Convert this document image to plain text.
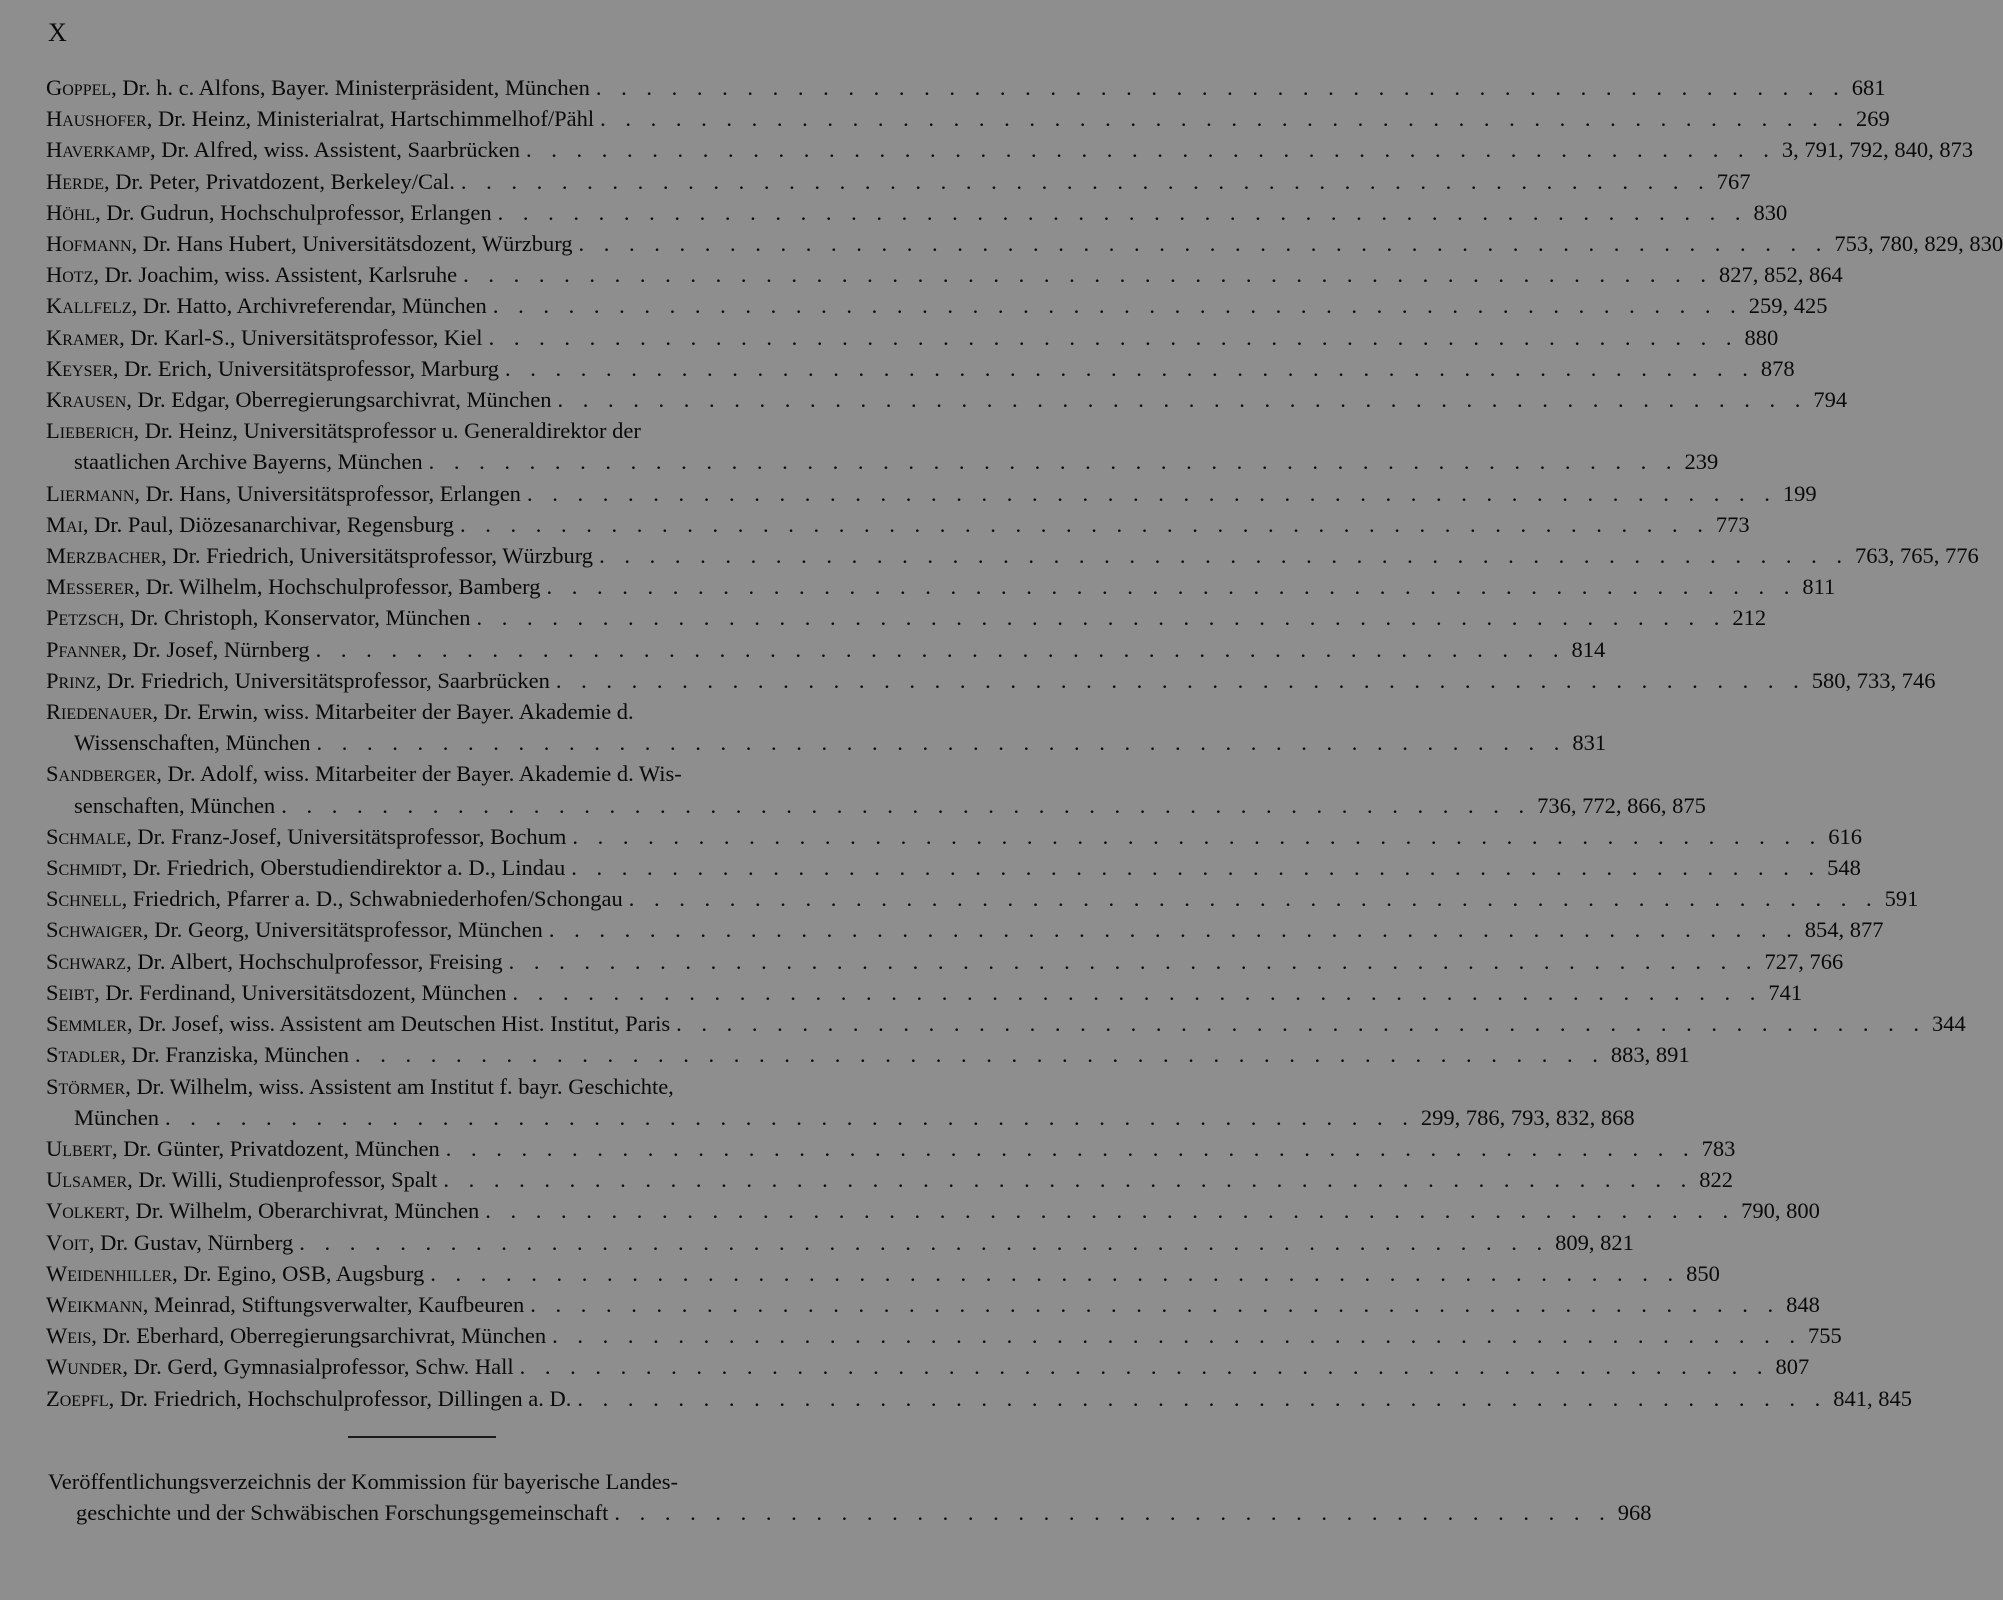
X
Goppel, Dr. h. c. Alfons, Bayer. Ministerpräsident, München . . . . . . . . . . . . . . . . . . . . . . . . . . . . . . . . . . . . . . . . . . . . . . . . . . 681
Haushofer, Dr. Heinz, Ministerialrat, Hartschimmelhof/Pähl . . . . . . . . . . . . . . . . . . . . . . . . . . . . . . . . . . . . . . . . . . . . . . . . . . 269
Haverkamp, Dr. Alfred, wiss. Assistent, Saarbrücken . . . . . . . . . . . . . . . . . . . . . . . . . . . . . . . . . . . . . . . . . . . . . . . . . . 3, 791, 792, 840, 873
Herde, Dr. Peter, Privatdozent, Berkeley/Cal. . . . . . . . . . . . . . . . . . . . . . . . . . . . . . . . . . . . . . . . . . . . . . . . . . . 767
Höhl, Dr. Gudrun, Hochschulprofessor, Erlangen . . . . . . . . . . . . . . . . . . . . . . . . . . . . . . . . . . . . . . . . . . . . . . . . . . 830
Hofmann, Dr. Hans Hubert, Universitätsdozent, Würzburg . . . . . . . . . . . . . . . . . . . . . . . . . . . . . . . . . . . . . . . . . . . . . . . . . . 753, 780, 829, 830
Hotz, Dr. Joachim, wiss. Assistent, Karlsruhe . . . . . . . . . . . . . . . . . . . . . . . . . . . . . . . . . . . . . . . . . . . . . . . . . . 827, 852, 864
Kallfelz, Dr. Hatto, Archivreferendar, München . . . . . . . . . . . . . . . . . . . . . . . . . . . . . . . . . . . . . . . . . . . . . . . . . . 259, 425
Kramer, Dr. Karl-S., Universitätsprofessor, Kiel . . . . . . . . . . . . . . . . . . . . . . . . . . . . . . . . . . . . . . . . . . . . . . . . . . 880
Keyser, Dr. Erich, Universitätsprofessor, Marburg . . . . . . . . . . . . . . . . . . . . . . . . . . . . . . . . . . . . . . . . . . . . . . . . . . 878
Krausen, Dr. Edgar, Oberregierungsarchivrat, München . . . . . . . . . . . . . . . . . . . . . . . . . . . . . . . . . . . . . . . . . . . . . . . . . . 794
Lieberich, Dr. Heinz, Universitätsprofessor u. Generaldirektor der
staatlichen Archive Bayerns, München . . . . . . . . . . . . . . . . . . . . . . . . . . . . . . . . . . . . . . . . . . . . . . . . . . 239
Liermann, Dr. Hans, Universitätsprofessor, Erlangen . . . . . . . . . . . . . . . . . . . . . . . . . . . . . . . . . . . . . . . . . . . . . . . . . . 199
Mai, Dr. Paul, Diözesanarchivar, Regensburg . . . . . . . . . . . . . . . . . . . . . . . . . . . . . . . . . . . . . . . . . . . . . . . . . . 773
Merzbacher, Dr. Friedrich, Universitätsprofessor, Würzburg . . . . . . . . . . . . . . . . . . . . . . . . . . . . . . . . . . . . . . . . . . . . . . . . . . 763, 765, 776
Messerer, Dr. Wilhelm, Hochschulprofessor, Bamberg . . . . . . . . . . . . . . . . . . . . . . . . . . . . . . . . . . . . . . . . . . . . . . . . . . 811
Petzsch, Dr. Christoph, Konservator, München . . . . . . . . . . . . . . . . . . . . . . . . . . . . . . . . . . . . . . . . . . . . . . . . . . 212
Pfanner, Dr. Josef, Nürnberg . . . . . . . . . . . . . . . . . . . . . . . . . . . . . . . . . . . . . . . . . . . . . . . . . . 814
Prinz, Dr. Friedrich, Universitätsprofessor, Saarbrücken . . . . . . . . . . . . . . . . . . . . . . . . . . . . . . . . . . . . . . . . . . . . . . . . . . 580, 733, 746
Riedenauer, Dr. Erwin, wiss. Mitarbeiter der Bayer. Akademie d.
Wissenschaften, München . . . . . . . . . . . . . . . . . . . . . . . . . . . . . . . . . . . . . . . . . . . . . . . . . . 831
Sandberger, Dr. Adolf, wiss. Mitarbeiter der Bayer. Akademie d. Wis-
senschaften, München . . . . . . . . . . . . . . . . . . . . . . . . . . . . . . . . . . . . . . . . . . . . . . . . . . 736, 772, 866, 875
Schmale, Dr. Franz-Josef, Universitätsprofessor, Bochum . . . . . . . . . . . . . . . . . . . . . . . . . . . . . . . . . . . . . . . . . . . . . . . . . . 616
Schmidt, Dr. Friedrich, Oberstudiendirektor a. D., Lindau . . . . . . . . . . . . . . . . . . . . . . . . . . . . . . . . . . . . . . . . . . . . . . . . . . 548
Schnell, Friedrich, Pfarrer a. D., Schwabniederhofen/Schongau . . . . . . . . . . . . . . . . . . . . . . . . . . . . . . . . . . . . . . . . . . . . . . . . . . 591
Schwaiger, Dr. Georg, Universitätsprofessor, München . . . . . . . . . . . . . . . . . . . . . . . . . . . . . . . . . . . . . . . . . . . . . . . . . . 854, 877
Schwarz, Dr. Albert, Hochschulprofessor, Freising . . . . . . . . . . . . . . . . . . . . . . . . . . . . . . . . . . . . . . . . . . . . . . . . . . 727, 766
Seibt, Dr. Ferdinand, Universitätsdozent, München . . . . . . . . . . . . . . . . . . . . . . . . . . . . . . . . . . . . . . . . . . . . . . . . . . 741
Semmler, Dr. Josef, wiss. Assistent am Deutschen Hist. Institut, Paris . . . . . . . . . . . . . . . . . . . . . . . . . . . . . . . . . . . . . . . . . . . . . . . . . . 344
Stadler, Dr. Franziska, München . . . . . . . . . . . . . . . . . . . . . . . . . . . . . . . . . . . . . . . . . . . . . . . . . . 883, 891
Störmer, Dr. Wilhelm, wiss. Assistent am Institut f. bayr. Geschichte,
München . . . . . . . . . . . . . . . . . . . . . . . . . . . . . . . . . . . . . . . . . . . . . . . . . . 299, 786, 793, 832, 868
Ulbert, Dr. Günter, Privatdozent, München . . . . . . . . . . . . . . . . . . . . . . . . . . . . . . . . . . . . . . . . . . . . . . . . . . 783
Ulsamer, Dr. Willi, Studienprofessor, Spalt . . . . . . . . . . . . . . . . . . . . . . . . . . . . . . . . . . . . . . . . . . . . . . . . . . 822
Volkert, Dr. Wilhelm, Oberarchivrat, München . . . . . . . . . . . . . . . . . . . . . . . . . . . . . . . . . . . . . . . . . . . . . . . . . . 790, 800
Voit, Dr. Gustav, Nürnberg . . . . . . . . . . . . . . . . . . . . . . . . . . . . . . . . . . . . . . . . . . . . . . . . . . 809, 821
Weidenhiller, Dr. Egino, OSB, Augsburg . . . . . . . . . . . . . . . . . . . . . . . . . . . . . . . . . . . . . . . . . . . . . . . . . . 850
Weikmann, Meinrad, Stiftungsverwalter, Kaufbeuren . . . . . . . . . . . . . . . . . . . . . . . . . . . . . . . . . . . . . . . . . . . . . . . . . . 848
Weis, Dr. Eberhard, Oberregierungsarchivrat, München . . . . . . . . . . . . . . . . . . . . . . . . . . . . . . . . . . . . . . . . . . . . . . . . . . 755
Wunder, Dr. Gerd, Gymnasialprofessor, Schw. Hall . . . . . . . . . . . . . . . . . . . . . . . . . . . . . . . . . . . . . . . . . . . . . . . . . . 807
Zoepfl, Dr. Friedrich, Hochschulprofessor, Dillingen a. D. . . . . . . . . . . . . . . . . . . . . . . . . . . . . . . . . . . . . . . . . . . . . . . . . . . 841, 845
Veröffentlichungsverzeichnis der Kommission für bayerische Landes-
geschichte und der Schwäbischen Forschungsgemeinschaft . . . . . . . . . . . . . . . . . . . . . . . . . . . . . . . . . . . . . . . . 968
